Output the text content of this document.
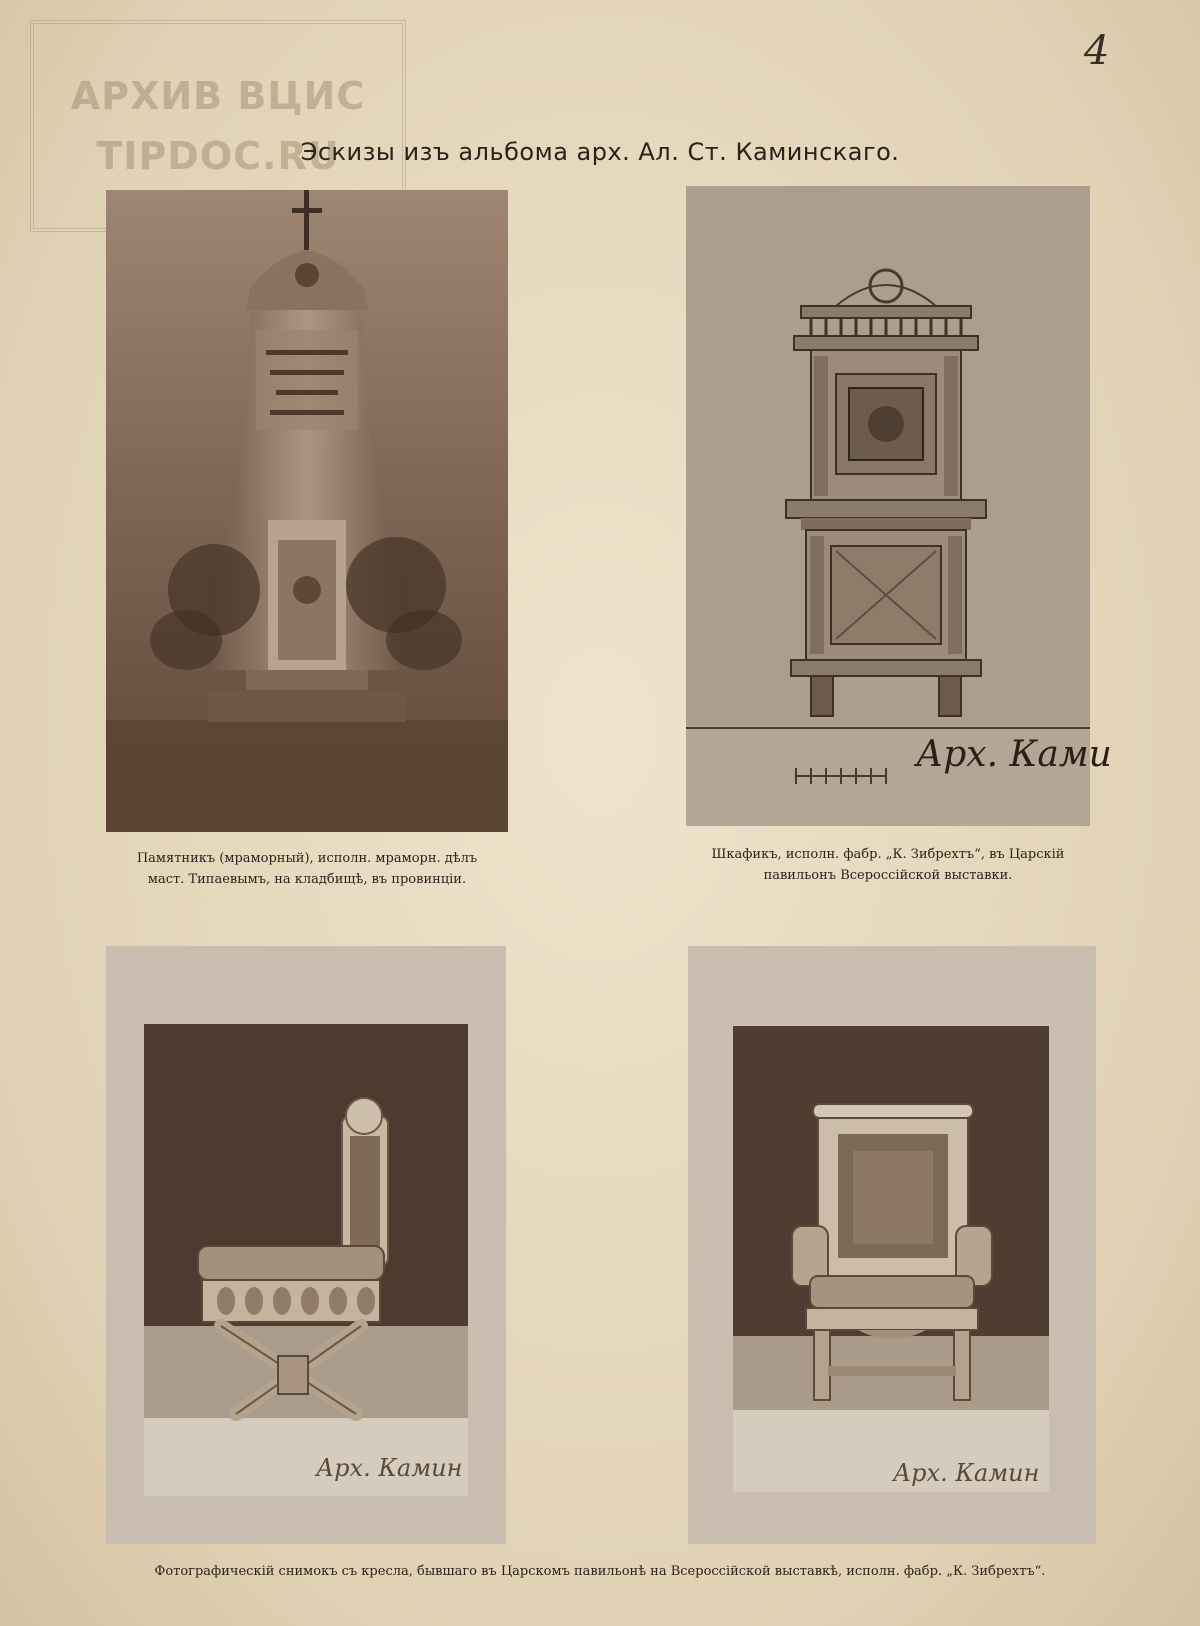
АРХИВ ВЦИС
TIPDOC.RU
4
Эскизы изъ альбома арх. Ал. Ст. Каминскаго.
Памятникъ (мраморный), исполн. мраморн. дѣлъ
маст. Типаевымъ, на кладбищѣ, въ провинціи.
Арх. Ками
Шкафикъ, исполн. фабр. „К. Зибрехтъ“, въ Царскій
павильонъ Всероссійской выставки.
Арх. Камин	Арх. Камин
Фотографическій снимокъ съ кресла, бывшаго въ Царскомъ павильонѣ на Всероссійской выставкѣ, исполн. фабр. „К. Зибрехтъ“.
